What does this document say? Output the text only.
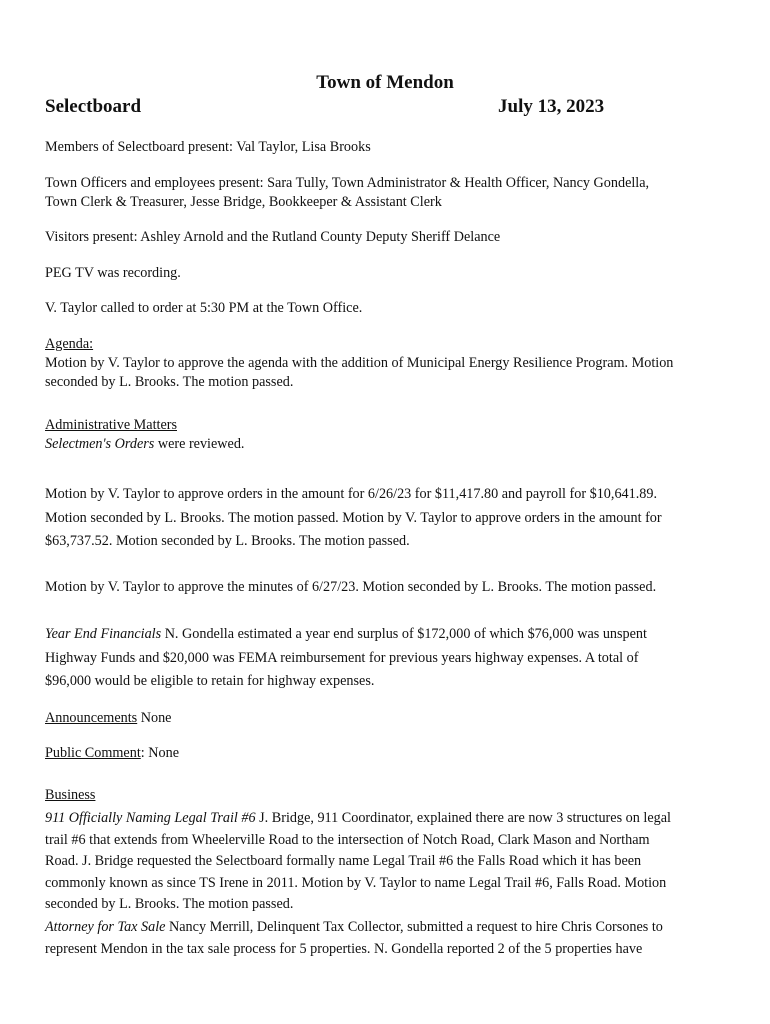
Town of Mendon
Selectboard	July 13, 2023

Members of Selectboard present: Val Taylor, Lisa Brooks

Town Officers and employees present: Sara Tully, Town Administrator & Health Officer, Nancy Gondella,

Town Clerk & Treasurer, Jesse Bridge, Bookkeeper & Assistant Clerk

Visitors present: Ashley Arnold and the Rutland County Deputy Sheriff Delance

PEG TV was recording.

V. Taylor called to order at 5:30 PM at the Town Office.

Agenda:

Motion by V. Taylor to approve the agenda with the addition of Municipal Energy Resilience Program. Motion

seconded by L. Brooks. The motion passed.

Administrative Matters

Selectmen's Orders were reviewed.

Motion by V. Taylor to approve orders in the amount for 6/26/23 for $11,417.80 and payroll for $10,641.89.

Motion seconded by L. Brooks. The motion passed. Motion by V. Taylor to approve orders in the amount for

$63,737.52. Motion seconded by L. Brooks. The motion passed.

Motion by V. Taylor to approve the minutes of 6/27/23. Motion seconded by L. Brooks. The motion passed.

Year End Financials N. Gondella estimated a year end surplus of $172,000 of which $76,000 was unspent

Highway Funds and $20,000 was FEMA reimbursement for previous years highway expenses. A total of

$96,000 would be eligible to retain for highway expenses.

Announcements None

Public Comment: None

Business

911 Officially Naming Legal Trail #6 J. Bridge, 911 Coordinator, explained there are now 3 structures on legal

trail #6 that extends from Wheelerville Road to the intersection of Notch Road, Clark Mason and Northam

Road. J. Bridge requested the Selectboard formally name Legal Trail #6 the Falls Road which it has been

commonly known as since TS Irene in 2011. Motion by V. Taylor to name Legal Trail #6, Falls Road. Motion

seconded by L. Brooks. The motion passed.

Attorney for Tax Sale Nancy Merrill, Delinquent Tax Collector, submitted a request to hire Chris Corsones to

represent Mendon in the tax sale process for 5 properties. N. Gondella reported 2 of the 5 properties have
